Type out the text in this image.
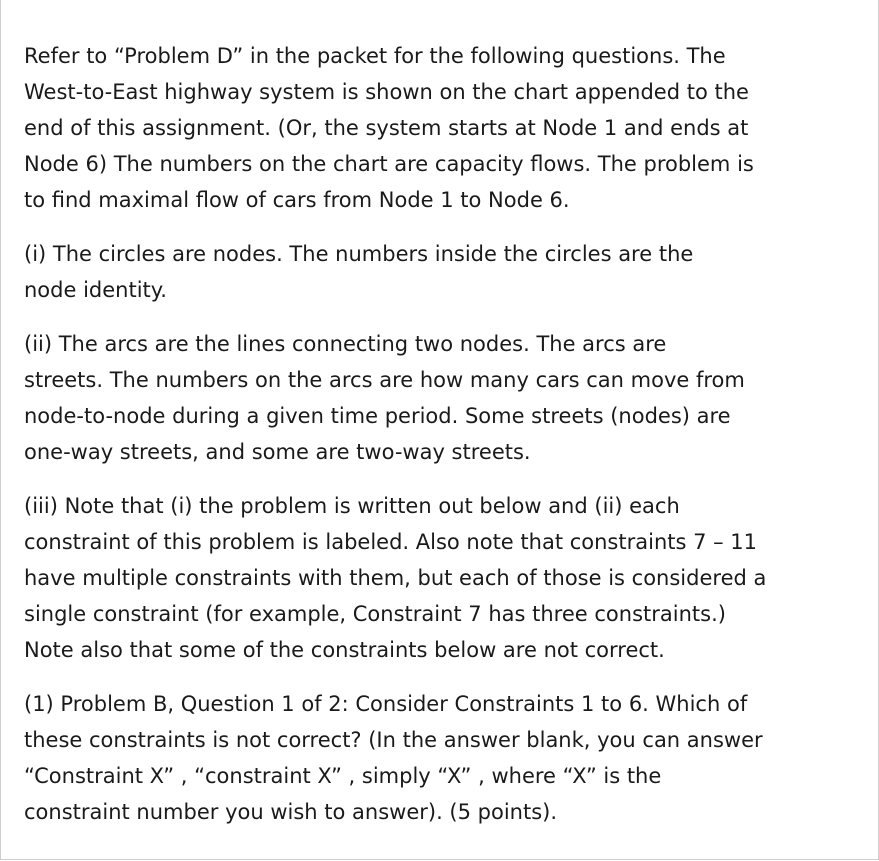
Refer to “Problem D” in the packet for the following questions. The
West-to-East highway system is shown on the chart appended to the
end of this assignment. (Or, the system starts at Node 1 and ends at
Node 6) The numbers on the chart are capacity flows. The problem is
to find maximal flow of cars from Node 1 to Node 6.

(i) The circles are nodes. The numbers inside the circles are the
node identity.

(ii) The arcs are the lines connecting two nodes. The arcs are
streets. The numbers on the arcs are how many cars can move from
node-to-node during a given time period. Some streets (nodes) are
one-way streets, and some are two-way streets.

(iii) Note that (i) the problem is written out below and (ii) each
constraint of this problem is labeled. Also note that constraints 7 – 11
have multiple constraints with them, but each of those is considered a
single constraint (for example, Constraint 7 has three constraints.)
Note also that some of the constraints below are not correct.

(1) Problem B, Question 1 of 2: Consider Constraints 1 to 6. Which of
these constraints is not correct? (In the answer blank, you can answer
“Constraint X” , “constraint X” , simply “X” , where “X” is the
constraint number you wish to answer). (5 points).
